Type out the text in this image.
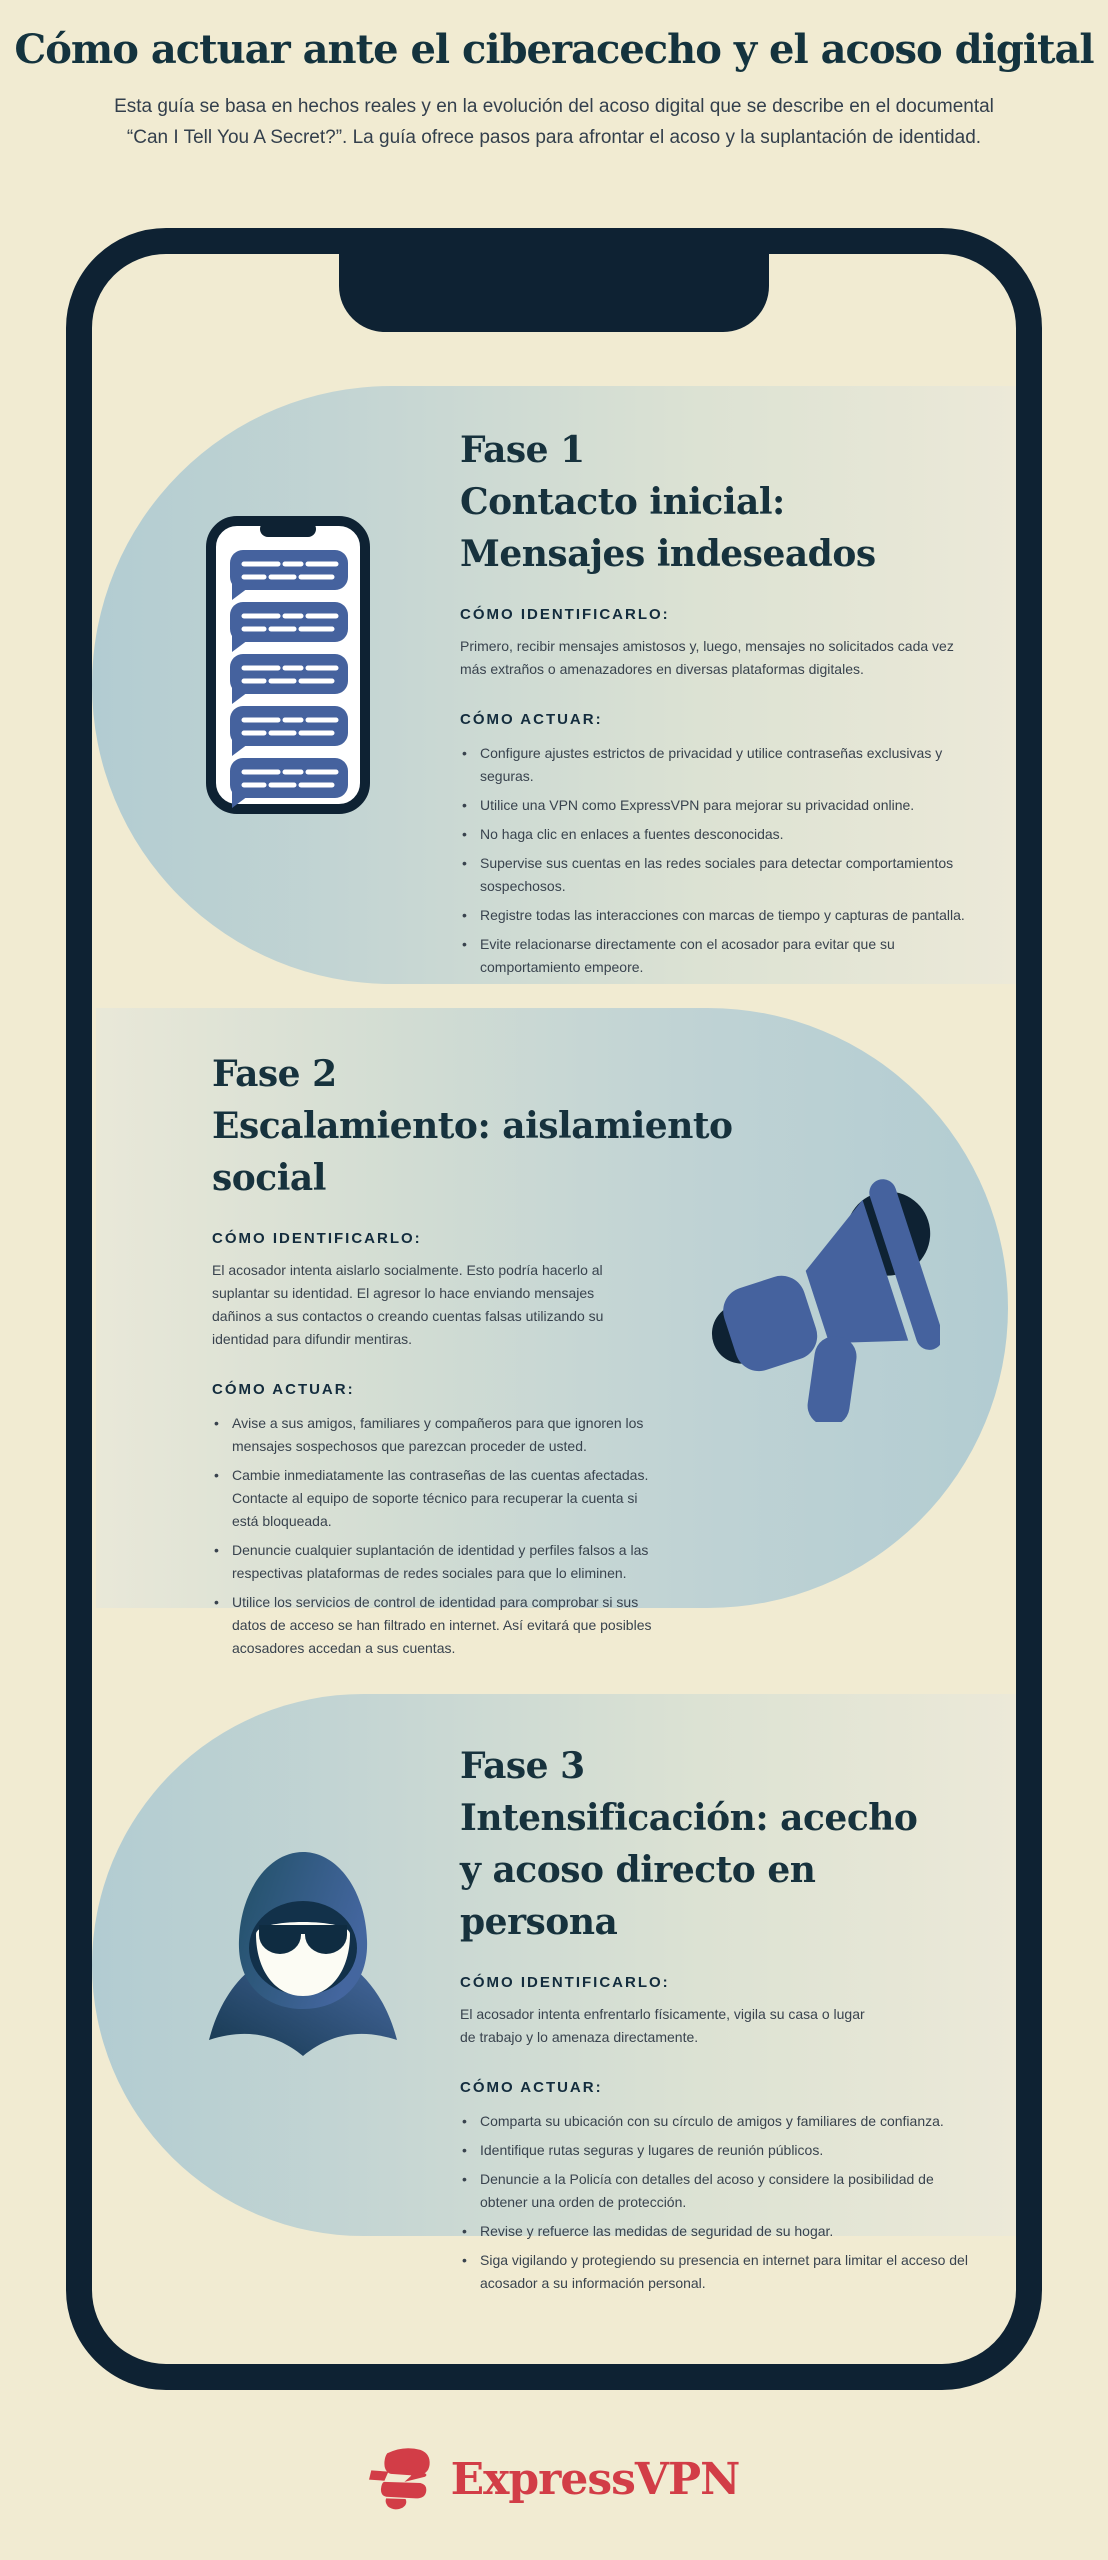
Cómo actuar ante el ciberacecho y el acoso digital
Esta guía se basa en hechos reales y en la evolución del acoso digital que se describe en el documental
“Can I Tell You A Secret?”. La guía ofrece pasos para afrontar el acoso y la suplantación de identidad.
Fase 1
Contacto inicial:
Mensajes indeseados
CÓMO IDENTIFICARLO:
Primero, recibir mensajes amistosos y, luego, mensajes no solicitados cada vez más extraños o amenazadores en diversas plataformas digitales.
CÓMO ACTUAR:
• Configure ajustes estrictos de privacidad y utilice contraseñas exclusivas y seguras.
• Utilice una VPN como ExpressVPN para mejorar su privacidad online.
• No haga clic en enlaces a fuentes desconocidas.
• Supervise sus cuentas en las redes sociales para detectar comportamientos sospechosos.
• Registre todas las interacciones con marcas de tiempo y capturas de pantalla.
• Evite relacionarse directamente con el acosador para evitar que su comportamiento empeore.
Fase 2
Escalamiento: aislamiento social
CÓMO IDENTIFICARLO:
El acosador intenta aislarlo socialmente. Esto podría hacerlo al suplantar su identidad. El agresor lo hace enviando mensajes dañinos a sus contactos o creando cuentas falsas utilizando su identidad para difundir mentiras.
CÓMO ACTUAR:
• Avise a sus amigos, familiares y compañeros para que ignoren los mensajes sospechosos que parezcan proceder de usted.
• Cambie inmediatamente las contraseñas de las cuentas afectadas. Contacte al equipo de soporte técnico para recuperar la cuenta si está bloqueada.
• Denuncie cualquier suplantación de identidad y perfiles falsos a las respectivas plataformas de redes sociales para que lo eliminen.
• Utilice los servicios de control de identidad para comprobar si sus datos de acceso se han filtrado en internet. Así evitará que posibles acosadores accedan a sus cuentas.
Fase 3
Intensificación: acecho
y acoso directo en persona
CÓMO IDENTIFICARLO:
El acosador intenta enfrentarlo físicamente, vigila su casa o lugar de trabajo y lo amenaza directamente.
CÓMO ACTUAR:
• Comparta su ubicación con su círculo de amigos y familiares de confianza.
• Identifique rutas seguras y lugares de reunión públicos.
• Denuncie a la Policía con detalles del acoso y considere la posibilidad de obtener una orden de protección.
• Revise y refuerce las medidas de seguridad de su hogar.
• Siga vigilando y protegiendo su presencia en internet para limitar el acceso del acosador a su información personal.
ExpressVPN
